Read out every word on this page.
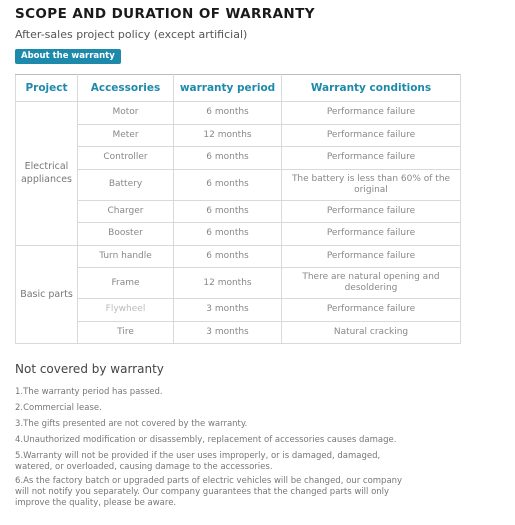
SCOPE AND DURATION OF WARRANTY
After-sales project policy (except artificial)
About the warranty
Project	Accessories	warranty period	Warranty conditions
Electrical appliances	Motor	6 months	Performance failure
	Meter	12 months	Performance failure
	Controller	6 months	Performance failure
	Battery	6 months	The battery is less than 60% of the original
	Charger	6 months	Performance failure
	Booster	6 months	Performance failure
Basic parts	Turn handle	6 months	Performance failure
	Frame	12 months	There are natural opening and desoldering
	Flywheel	3 months	Performance failure
	Tire	3 months	Natural cracking
Not covered by warranty
1.The warranty period has passed.
2.Commercial lease.
3.The gifts presented are not covered by the warranty.
4.Unauthorized modification or disassembly, replacement of accessories causes damage.
5.Warranty will not be provided if the user uses improperly, or is damaged, damaged, watered, or overloaded, causing damage to the accessories.
6.As the factory batch or upgraded parts of electric vehicles will be changed, our company will not notify you separately. Our company guarantees that the changed parts will only improve the quality, please be aware.
